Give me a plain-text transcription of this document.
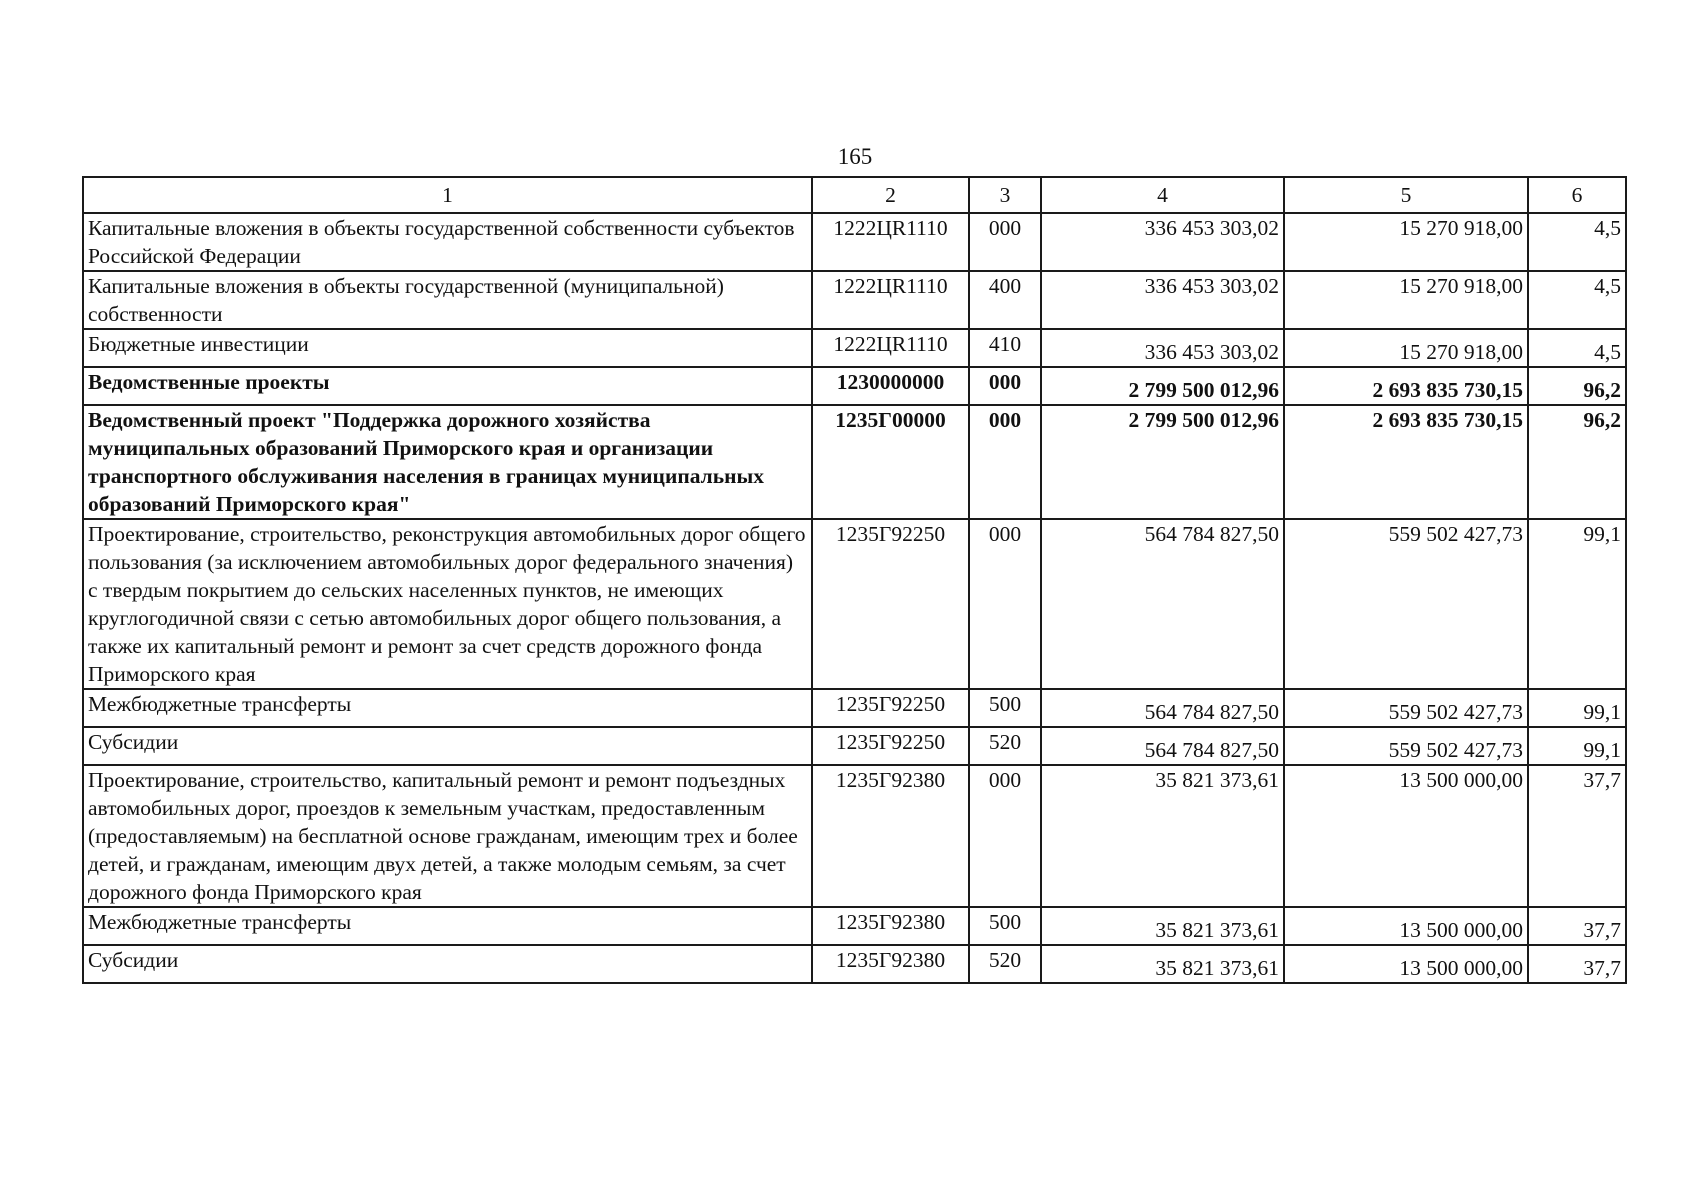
165
1	2	3	4	5	6
Капитальные вложения в объекты государственной собственности субъектов Российской Федерации	1222ЦR1110	000	336 453 303,02	15 270 918,00	4,5
Капитальные вложения в объекты государственной (муниципальной) собственности	1222ЦR1110	400	336 453 303,02	15 270 918,00	4,5
Бюджетные инвестиции	1222ЦR1110	410	336 453 303,02	15 270 918,00	4,5
Ведомственные проекты	1230000000	000	2 799 500 012,96	2 693 835 730,15	96,2
Ведомственный проект "Поддержка дорожного хозяйства муниципальных образований Приморского края и организации транспортного обслуживания населения в границах муниципальных образований Приморского края"	1235Г00000	000	2 799 500 012,96	2 693 835 730,15	96,2
Проектирование, строительство, реконструкция автомобильных дорог общего пользования (за исключением автомобильных дорог федерального значения) с твердым покрытием до сельских населенных пунктов, не имеющих круглогодичной связи с сетью автомобильных дорог общего пользования, а также их капитальный ремонт и ремонт за счет средств дорожного фонда Приморского края	1235Г92250	000	564 784 827,50	559 502 427,73	99,1
Межбюджетные трансферты	1235Г92250	500	564 784 827,50	559 502 427,73	99,1
Субсидии	1235Г92250	520	564 784 827,50	559 502 427,73	99,1
Проектирование, строительство, капитальный ремонт и ремонт подъездных автомобильных дорог, проездов к земельным участкам, предоставленным (предоставляемым) на бесплатной основе гражданам, имеющим трех и более детей, и гражданам, имеющим двух детей, а также молодым семьям, за счет дорожного фонда Приморского края	1235Г92380	000	35 821 373,61	13 500 000,00	37,7
Межбюджетные трансферты	1235Г92380	500	35 821 373,61	13 500 000,00	37,7
Субсидии	1235Г92380	520	35 821 373,61	13 500 000,00	37,7
